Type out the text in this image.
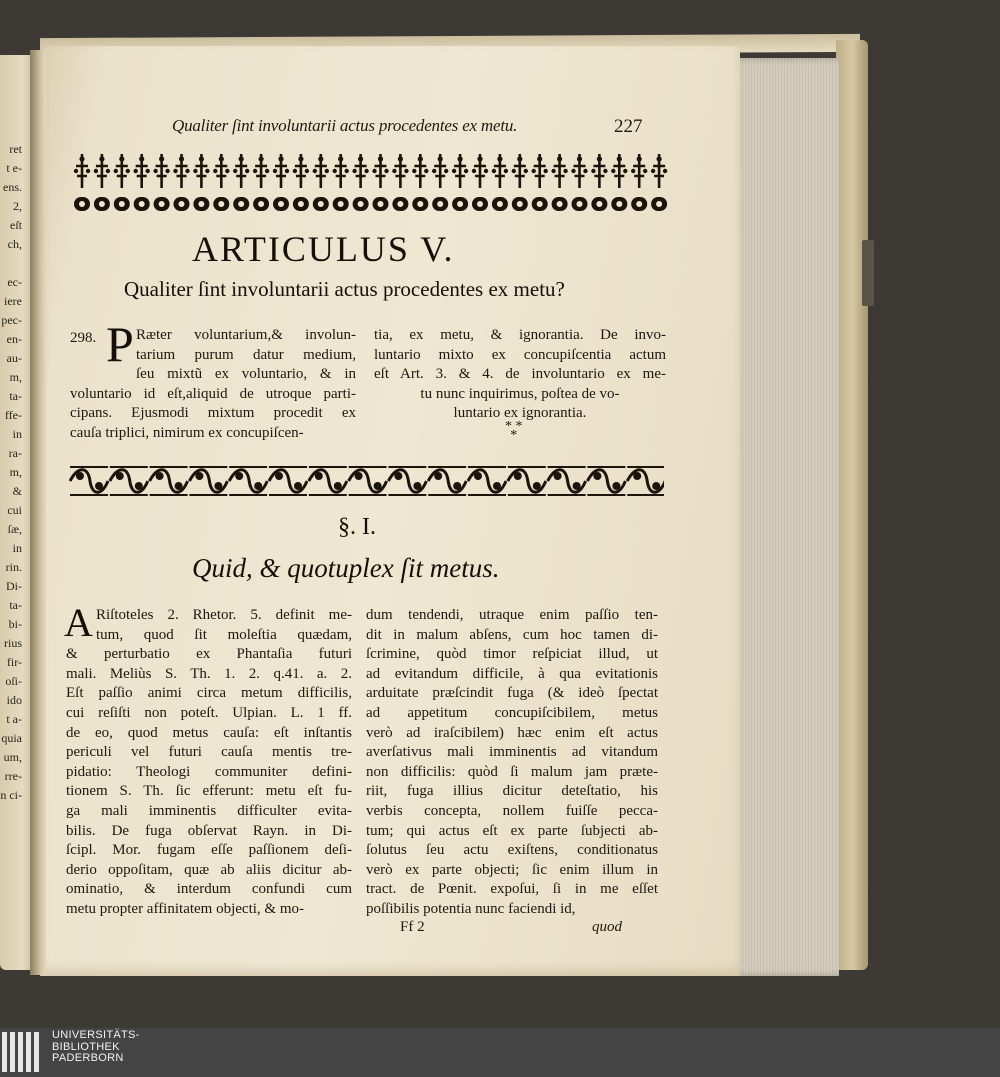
ret
t e-
ens.
2,
eſt
ch,

ec-
iere
pec-
en-
au-
m,
ta-
ffe-
in
ra-
m,
&
cui
ſæ,
in
rin.
Di-
ta-
bi-
rius
fir-
oſi-
ido
t a-
quia
um,
rre-
n ci-
Qualiter ſint involuntarii actus procedentes ex metu.	227
ARTICULUS V.
Qualiter ſint involuntarii actus procedentes ex metu?
298. P Ræter voluntarium,& involun-
tarium purum datur medium,
ſeu mixtũ ex voluntario, & in
voluntario id eſt,aliquid de utroque parti-
cipans. Ejusmodi mixtum procedit ex
cauſa triplici, nimirum ex concupiſcen-
tia, ex metu, & ignorantia. De invo-
luntario mixto ex concupiſcentia actum
eſt Art. 3. & 4. de involuntario ex me-
tu nunc inquirimus, poſtea de vo-
luntario ex ignorantia.
* *
*
§. I.
Quid, & quotuplex ſit metus.
A Riſtoteles 2. Rhetor. 5. definit me-
tum, quod ſit moleſtia quædam,
& perturbatio ex Phantaſia futuri
mali. Meliùs S. Th. 1. 2. q.41. a. 2.
Eſt paſſio animi circa metum difficilis,
cui reſiſti non poteſt. Ulpian. L. 1 ff.
de eo, quod metus cauſa: eſt inſtantis
periculi vel futuri cauſa mentis tre-
pidatio: Theologi communiter defini-
tionem S. Th. ſic efferunt: metu eſt fu-
ga mali imminentis difficulter evita-
bilis. De fuga obſervat Rayn. in Di-
ſcipl. Mor. fugam eſſe paſſionem deſi-
derio oppoſitam, quæ ab aliis dicitur ab-
ominatio, & interdum confundi cum
metu propter affinitatem objecti, & mo-
dum tendendi, utraque enim paſſio ten-
dit in malum abſens, cum hoc tamen di-
ſcrimine, quòd timor reſpiciat illud, ut
ad evitandum difficile, à qua evitationis
arduitate præſcindit fuga (& ideò ſpectat
ad appetitum concupiſcibilem, metus
verò ad iraſcibilem) hæc enim eſt actus
averſativus mali imminentis ad vitandum
non difficilis: quòd ſi malum jam præte-
riit, fuga illius dicitur deteſtatio, his
verbis concepta, nollem fuiſſe pecca-
tum; qui actus eſt ex parte ſubjecti ab-
ſolutus ſeu actu exiſtens, conditionatus
verò ex parte objecti; ſic enim illum in
tract. de Pœnit. expoſui, ſi in me eſſet
poſſibilis potentia nunc faciendi id,
Ff 2	quod
UNIVERSITÄTS-
BIBLIOTHEK
PADERBORN
